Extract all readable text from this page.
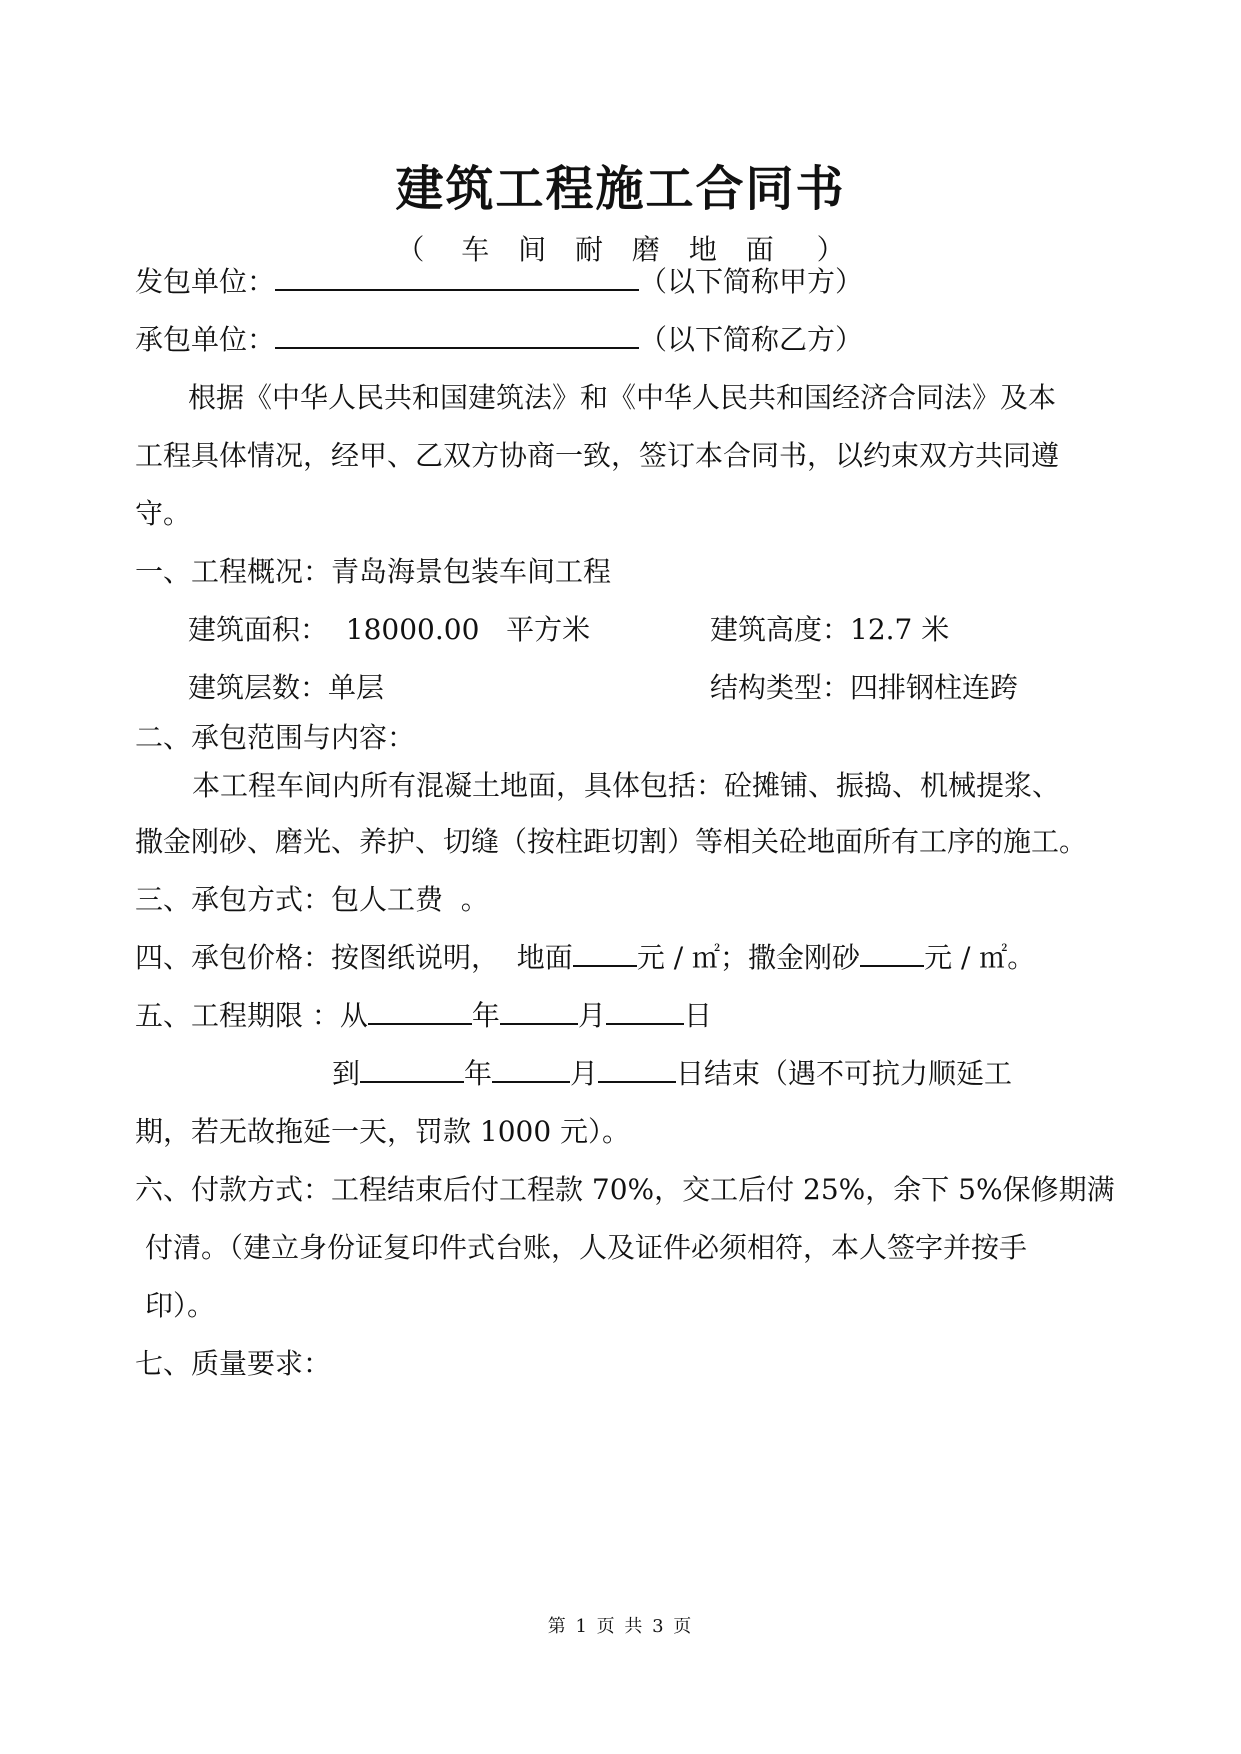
建筑工程施工合同书
（ 车 间 耐 磨 地 面 ）
发包单位：	（以下简称甲方）
承包单位：	（以下简称乙方）
根据《中华人民共和国建筑法》和《中华人民共和国经济合同法》及本
工程具体情况，经甲、乙双方协商一致，签订本合同书，以约束双方共同遵
守。
一、工程概况：青岛海景包装车间工程
建筑面积：  18000.00   平方米	建筑高度：12.7 米
建筑层数：单层	结构类型：四排钢柱连跨
二、承包范围与内容：
本工程车间内所有混凝土地面，具体包括：砼摊铺、振捣、机械提浆、
撒金刚砂、磨光、养护、切缝（按柱距切割）等相关砼地面所有工序的施工。
三、承包方式：包人工费  。
四、承包价格：按图纸说明，  地面 元 / ㎡；撒金刚砂 元 / ㎡。
五、工程期限 ：从	年	月	日
到	年	月	日结束（遇不可抗力顺延工
期，若无故拖延一天，罚款 1000 元）。
六、付款方式：工程结束后付工程款 70%，交工后付 25%，余下 5%保修期满
付清。（建立身份证复印件式台账，人及证件必须相符，本人签字并按手
印）。
七、质量要求：
第 1 页 共 3 页
